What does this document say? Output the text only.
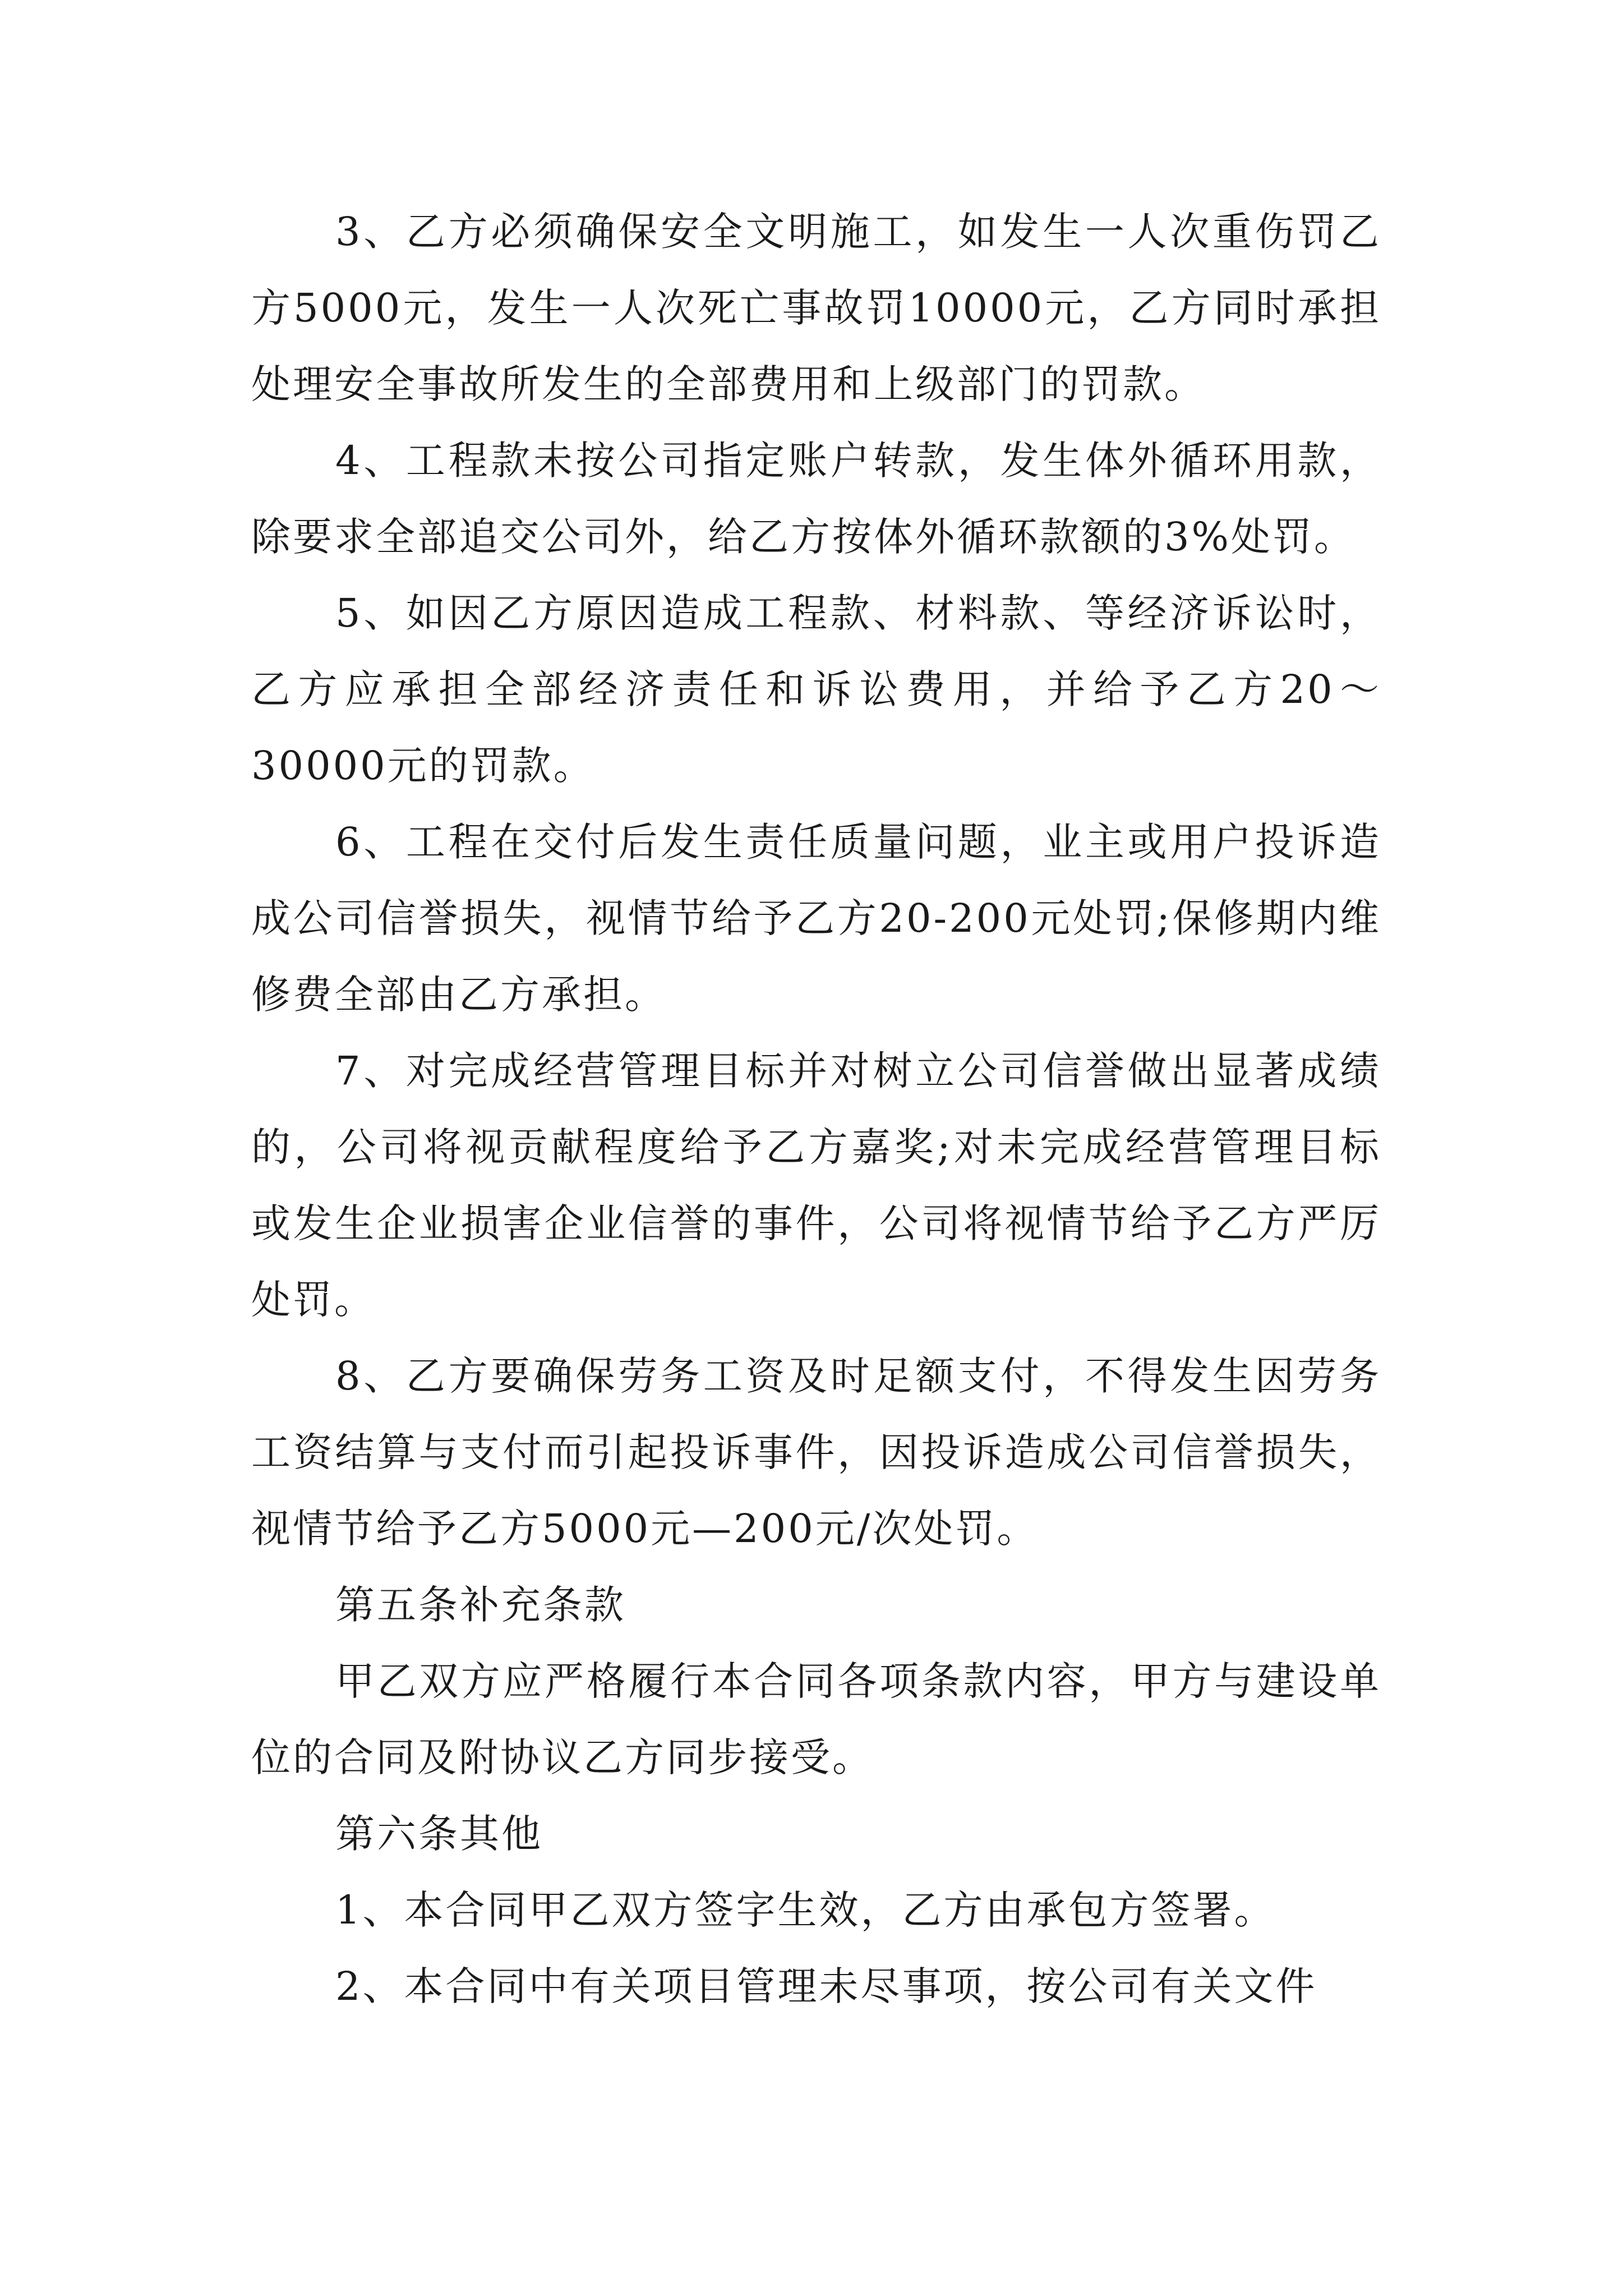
3、乙方必须确保安全文明施工，如发生一人次重伤罚乙方5000元，发生一人次死亡事故罚10000元，乙方同时承担处理安全事故所发生的全部费用和上级部门的罚款。

4、工程款未按公司指定账户转款，发生体外循环用款，除要求全部追交公司外，给乙方按体外循环款额的3%处罚。

5、如因乙方原因造成工程款、材料款、等经济诉讼时，乙方应承担全部经济责任和诉讼费用，并给予乙方20～30000元的罚款。

6、工程在交付后发生责任质量问题，业主或用户投诉造成公司信誉损失，视情节给予乙方20-200元处罚;保修期内维修费全部由乙方承担。

7、对完成经营管理目标并对树立公司信誉做出显著成绩的，公司将视贡献程度给予乙方嘉奖;对未完成经营管理目标或发生企业损害企业信誉的事件，公司将视情节给予乙方严厉处罚。

8、乙方要确保劳务工资及时足额支付，不得发生因劳务工资结算与支付而引起投诉事件，因投诉造成公司信誉损失，视情节给予乙方5000元—200元/次处罚。

第五条补充条款

甲乙双方应严格履行本合同各项条款内容，甲方与建设单位的合同及附协议乙方同步接受。

第六条其他

1、本合同甲乙双方签字生效，乙方由承包方签署。

2、本合同中有关项目管理未尽事项，按公司有关文件
